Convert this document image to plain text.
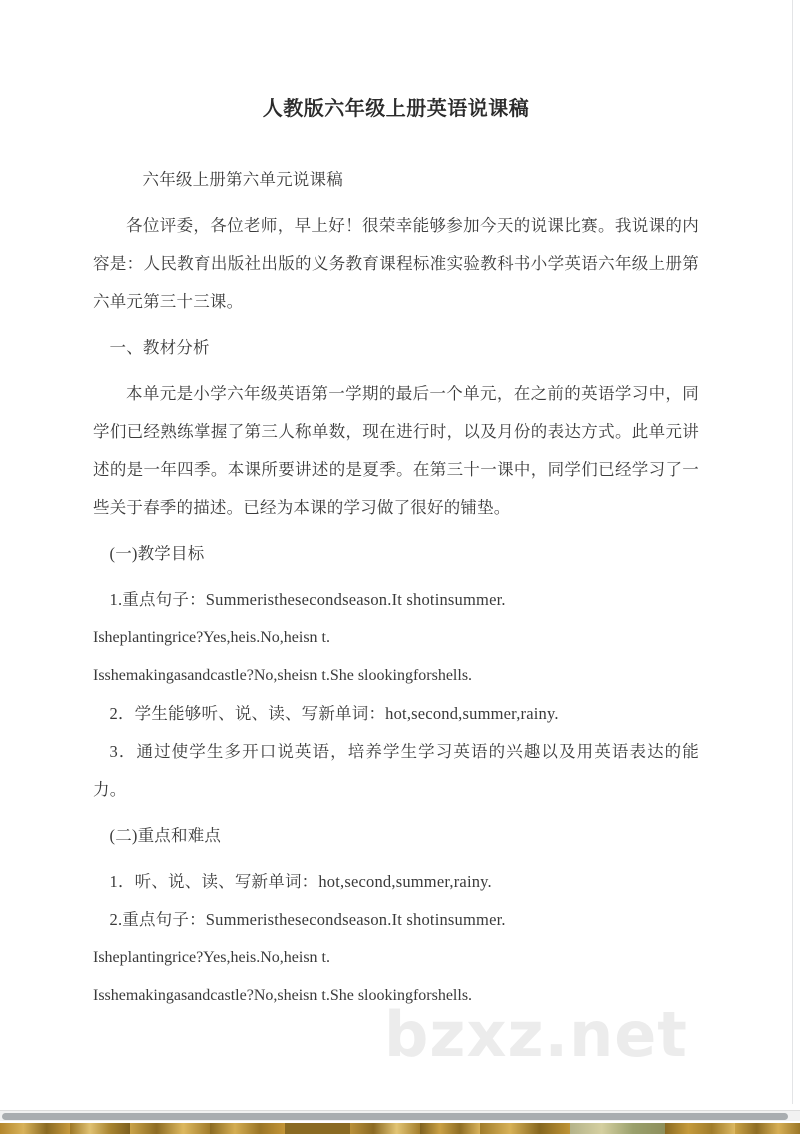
bzxz.net
人教版六年级上册英语说课稿

六年级上册第六单元说课稿

各位评委，各位老师，早上好！很荣幸能够参加今天的说课比赛。我说课的内容是：人民教育出版社出版的义务教育课程标准实验教科书小学英语六年级上册第六单元第三十三课。

一、教材分析

本单元是小学六年级英语第一学期的最后一个单元，在之前的英语学习中，同学们已经熟练掌握了第三人称单数，现在进行时，以及月份的表达方式。此单元讲述的是一年四季。本课所要讲述的是夏季。在第三十一课中，同学们已经学习了一些关于春季的描述。已经为本课的学习做了很好的铺垫。

(一)教学目标

1.重点句子：Summeristhesecondseason.It shotinsummer.

Isheplantingrice?Yes,heis.No,heisn t.

Isshemakingasandcastle?No,sheisn t.She slookingforshells.

2．学生能够听、说、读、写新单词：hot,second,summer,rainy.

3．通过使学生多开口说英语，培养学生学习英语的兴趣以及用英语表达的能力。

(二)重点和难点

1．听、说、读、写新单词：hot,second,summer,rainy.

2.重点句子：Summeristhesecondseason.It shotinsummer.

Isheplantingrice?Yes,heis.No,heisn t.

Isshemakingasandcastle?No,sheisn t.She slookingforshells.
